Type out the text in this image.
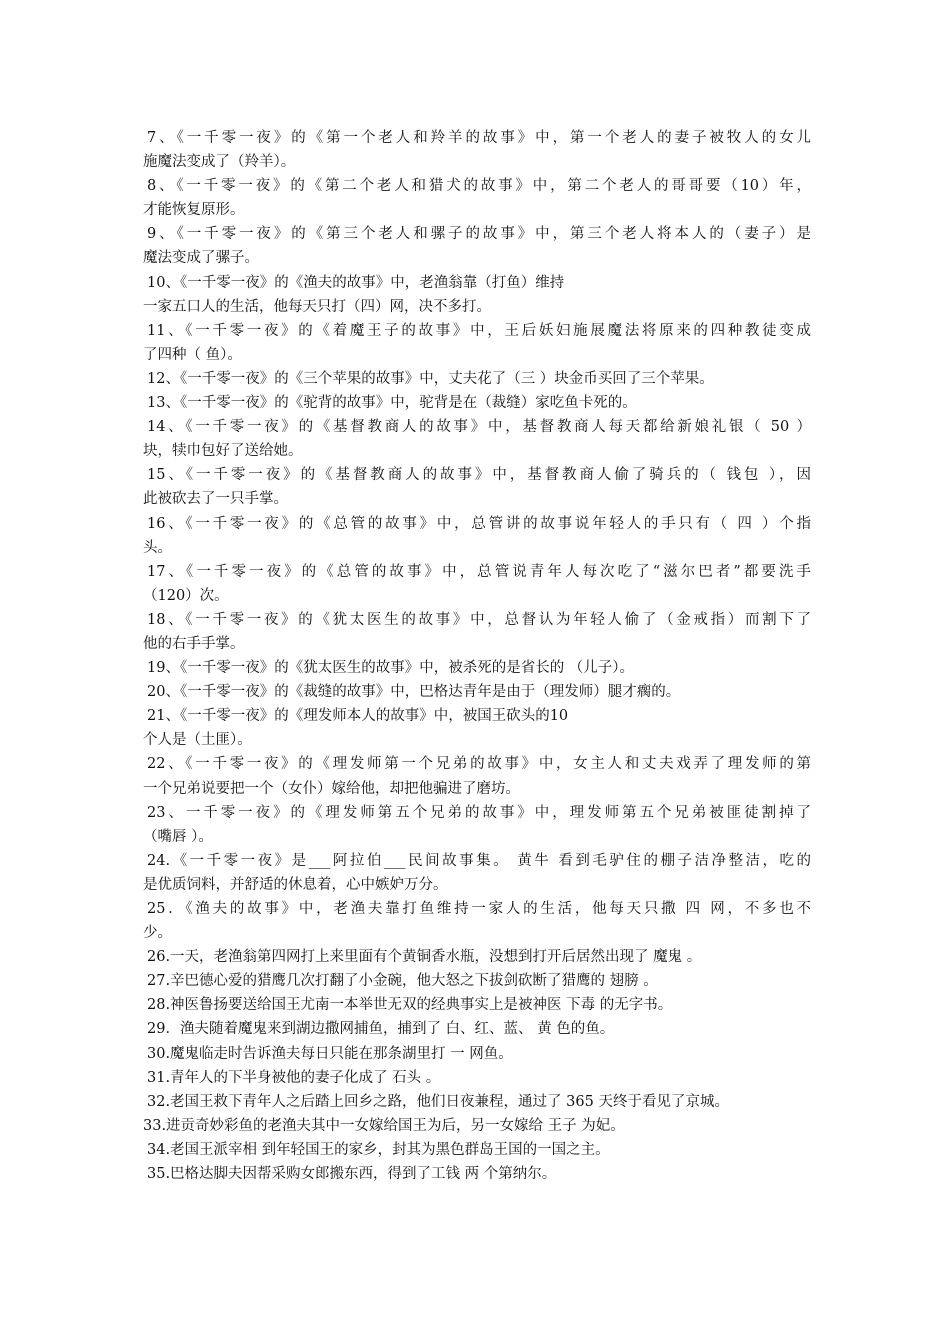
7、《一千零一夜》的《第一个老人和羚羊的故事》中，第一个老人的妻子被牧人的女儿
施魔法变成了（羚羊）。
8、《一千零一夜》的《第二个老人和猎犬的故事》中，第二个老人的哥哥要（10）年，
才能恢复原形。
9、《一千零一夜》的《第三个老人和骡子的故事》中，第三个老人将本人的（妻子）是
魔法变成了骡子。
10、《一千零一夜》的《渔夫的故事》中，老渔翁靠（打鱼）维持
一家五口人的生活，他每天只打（四）网，决不多打。
11、《一千零一夜》的《着魔王子的故事》中，王后妖妇施展魔法将原来的四种教徒变成
了四种（ 鱼）。
12、《一千零一夜》的《三个苹果的故事》中，丈夫花了（三 ）块金币买回了三个苹果。
13、《一千零一夜》的《驼背的故事》中，驼背是在（裁缝）家吃鱼卡死的。
14、《一千零一夜》的《基督教商人的故事》中，基督教商人每天都给新娘礼银（ 50 ）
块，犊巾包好了送给她。
15、《一千零一夜》的《基督教商人的故事》中，基督教商人偷了骑兵的（ 钱包 ），因
此被砍去了一只手掌。
16、《一千零一夜》的《总管的故事》中，总管讲的故事说年轻人的手只有（ 四 ）个指
头。
17、《一千零一夜》的《总管的故事》中，总管说青年人每次吃了“滋尔巴者”都要洗手
（120）次。
18、《一千零一夜》的《犹太医生的故事》中，总督认为年轻人偷了（金戒指）而割下了
他的右手手掌。
19、《一千零一夜》的《犹太医生的故事》中，被杀死的是省长的 （儿子）。
20、《一千零一夜》的《裁缝的故事》中，巴格达青年是由于（理发师）腿才瘸的。
21、《一千零一夜》的《理发师本人的故事》中，被国王砍头的10
个人是（土匪）。
22、《一千零一夜》的《理发师第一个兄弟的故事》中，女主人和丈夫戏弄了理发师的第
一个兄弟说要把一个（女仆）嫁给他，却把他骗进了磨坊。
23、一千零一夜》的《理发师第五个兄弟的故事》中，理发师第五个兄弟被匪徒割掉了
（嘴唇 ）。
24.《一千零一夜》是___阿拉伯___民间故事集。 黄牛 看到毛驴住的棚子洁净整洁，吃的
是优质饲料，并舒适的休息着，心中嫉妒万分。
25．《渔夫的故事》中，老渔夫靠打鱼维持一家人的生活，他每天只撒 四 网，不多也不
少。
26.一天，老渔翁第四网打上来里面有个黄铜香水瓶，没想到打开后居然出现了 魔鬼 。
27.辛巴德心爱的猎鹰几次打翻了小金碗，他大怒之下拔剑砍断了猎鹰的 翅膀 。
28.神医鲁扬要送给国王尤南一本举世无双的经典事实上是被神医 下毒 的无字书。
29．渔夫随着魔鬼来到湖边撒网捕鱼，捕到了 白、红、蓝、 黄 色的鱼。
30.魔鬼临走时告诉渔夫每日只能在那条湖里打 一 网鱼。
31.青年人的下半身被他的妻子化成了 石头 。
32.老国王救下青年人之后踏上回乡之路，他们日夜兼程，通过了 365 天终于看见了京城。
33.进贡奇妙彩鱼的老渔夫其中一女嫁给国王为后，另一女嫁给 王子 为妃。
34.老国王派宰相 到年轻国王的家乡，封其为黑色群岛王国的一国之主。
35.巴格达脚夫因帮采购女郎搬东西，得到了工钱 两 个第纳尔。
